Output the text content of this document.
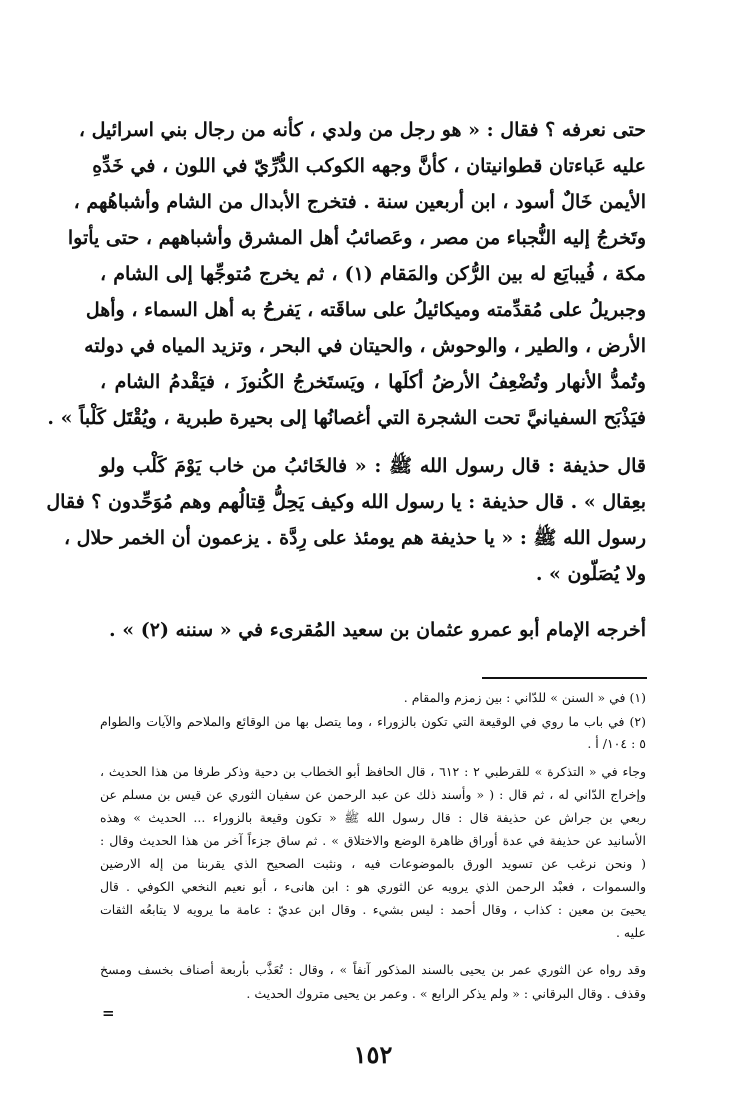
حتى نعرفه ؟ فقال : « هو رجل من ولدي ، كأنه من رجال بني اسرائيل ،
عليه عَباءتان قطوانيتان ، كأنَّ وجهه الكوكب الدُّرِّيّ في اللون ، في خَدِّهِ
الأيمن خَالٌ أسود ، ابن أربعين سنة . فتخرج الأبدال من الشام وأشباهُهم ،
وتَخرجُ إليه النُّجباء من مصر ، وعَصائبُ أهل المشرق وأشباههم ، حتى يأتوا
مكة ، فُيبايَع له بين الرُّكن والمَقام (١) ، ثم يخرج مُتوجِّها إلى الشام ،
وجبريلُ على مُقدِّمته وميكائيلُ على ساقَته ، يَفرحُ به أهل السماء ، وأهل
الأرض ، والطير ، والوحوش ، والحيتان في البحر ، وتزيد المياه في دولته
وتُمدُّ الأنهار وتُضْعِفُ الأرضُ أكلَها ، ويَستَخرجُ الكُنوزَ ، فيَقْدمُ الشام ،
فيَذْبَح السفيانيَّ تحت الشجرة التي أغصانُها إلى بحيرة طبرية ، ويُقْتَل كَلْباً » .
قال حذيفة : قال رسول الله ﷺ : « فالخَائبُ من خاب يَوْمَ كَلْب ولو
بعِقال » . قال حذيفة : يا رسول الله وكيف يَحِلُّ قِتالُهم وهم مُوَحِّدون ؟ فقال
رسول الله ﷺ : « يا حذيفة هم يومئذ على رِدَّة . يزعمون أن الخمر حلال ،
ولا يُصَلّون » .
أخرجه الإمام أبو عمرو عثمان بن سعيد المُقرىء في « سننه (٢) » .
(١) في « السنن » للدّاني : بين زمزم والمقام .
(٢) في باب ما روي في الوقيعة التي تكون بالزوراء ، وما يتصل بها من الوقائع والملاحم والآيات والطوام
٥ : ١٠٤/ أ .
وجاء في « التذكرة » للقرطبي ٢ : ٦١٢ ، قال الحافظ أبو الخطاب بن دحية وذكر طرفا من هذا الحديث ،
وإخراج الدّاني له ، ثم قال : ( « وأسند ذلك عن عبد الرحمن عن سفيان الثوري عن قيس بن مسلم عن
ربعي بن جراش عن حذيفة قال : قال رسول الله ﷺ « تكون وقيعة بالزوراء ... الحديث » وهذه
الأسانيد عن حذيفة في عدة أوراق ظاهرة الوضع والاختلاق » . ثم ساق جزءاً آخر من هذا الحديث وقال :
( ونحن نرغب عن تسويد الورق بالموضوعات فيه ، ونثبت الصحيح الذي يقربنا من إله الارضين
والسموات ، فعبْد الرحمن الذي يرويه عن الثوري هو : ابن هانىء ، أبو نعيم النخعي الكوفي . قال
يحيىَ بن معين : كذاب ، وقال أحمد : ليس بشيء . وقال ابن عديّ : عامة ما يرويه لا يتابعُه الثقات
عليه .
وقد رواه عن الثوري عمر بن يحيى بالسند المذكور آنفاً » ، وقال : تُعَذَّب بأربعة أصناف بخسف ومسخ
وقذف . وقال البرقاني : « ولم يذكر الرابع » . وعمر بن يحيى متروك الحديث .
=
١٥٢
